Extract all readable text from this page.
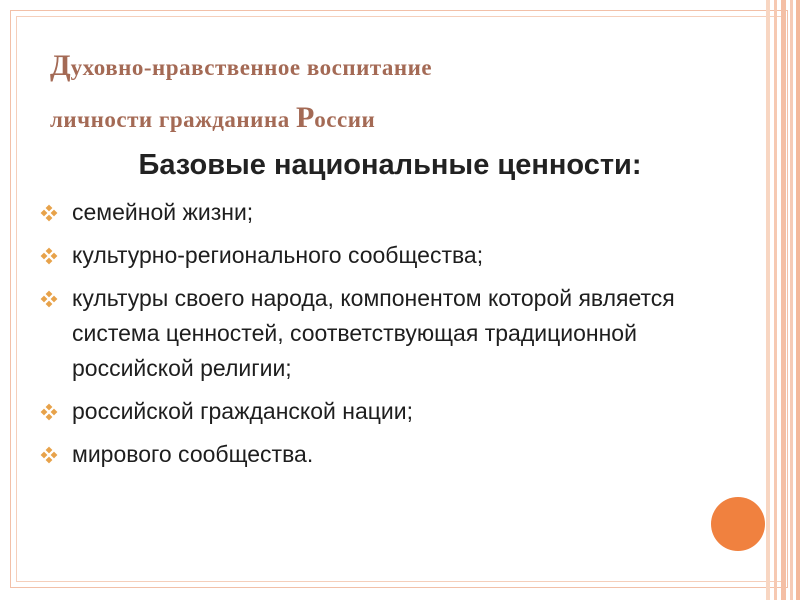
Духовно-нравственное воспитание
личности гражданина России

Базовые национальные ценности:

семейной жизни;
культурно-регионального сообщества;
культуры своего народа, компонентом которой является система ценностей, соответствующая традиционной российской религии;
российской гражданской нации;
мирового сообщества.
